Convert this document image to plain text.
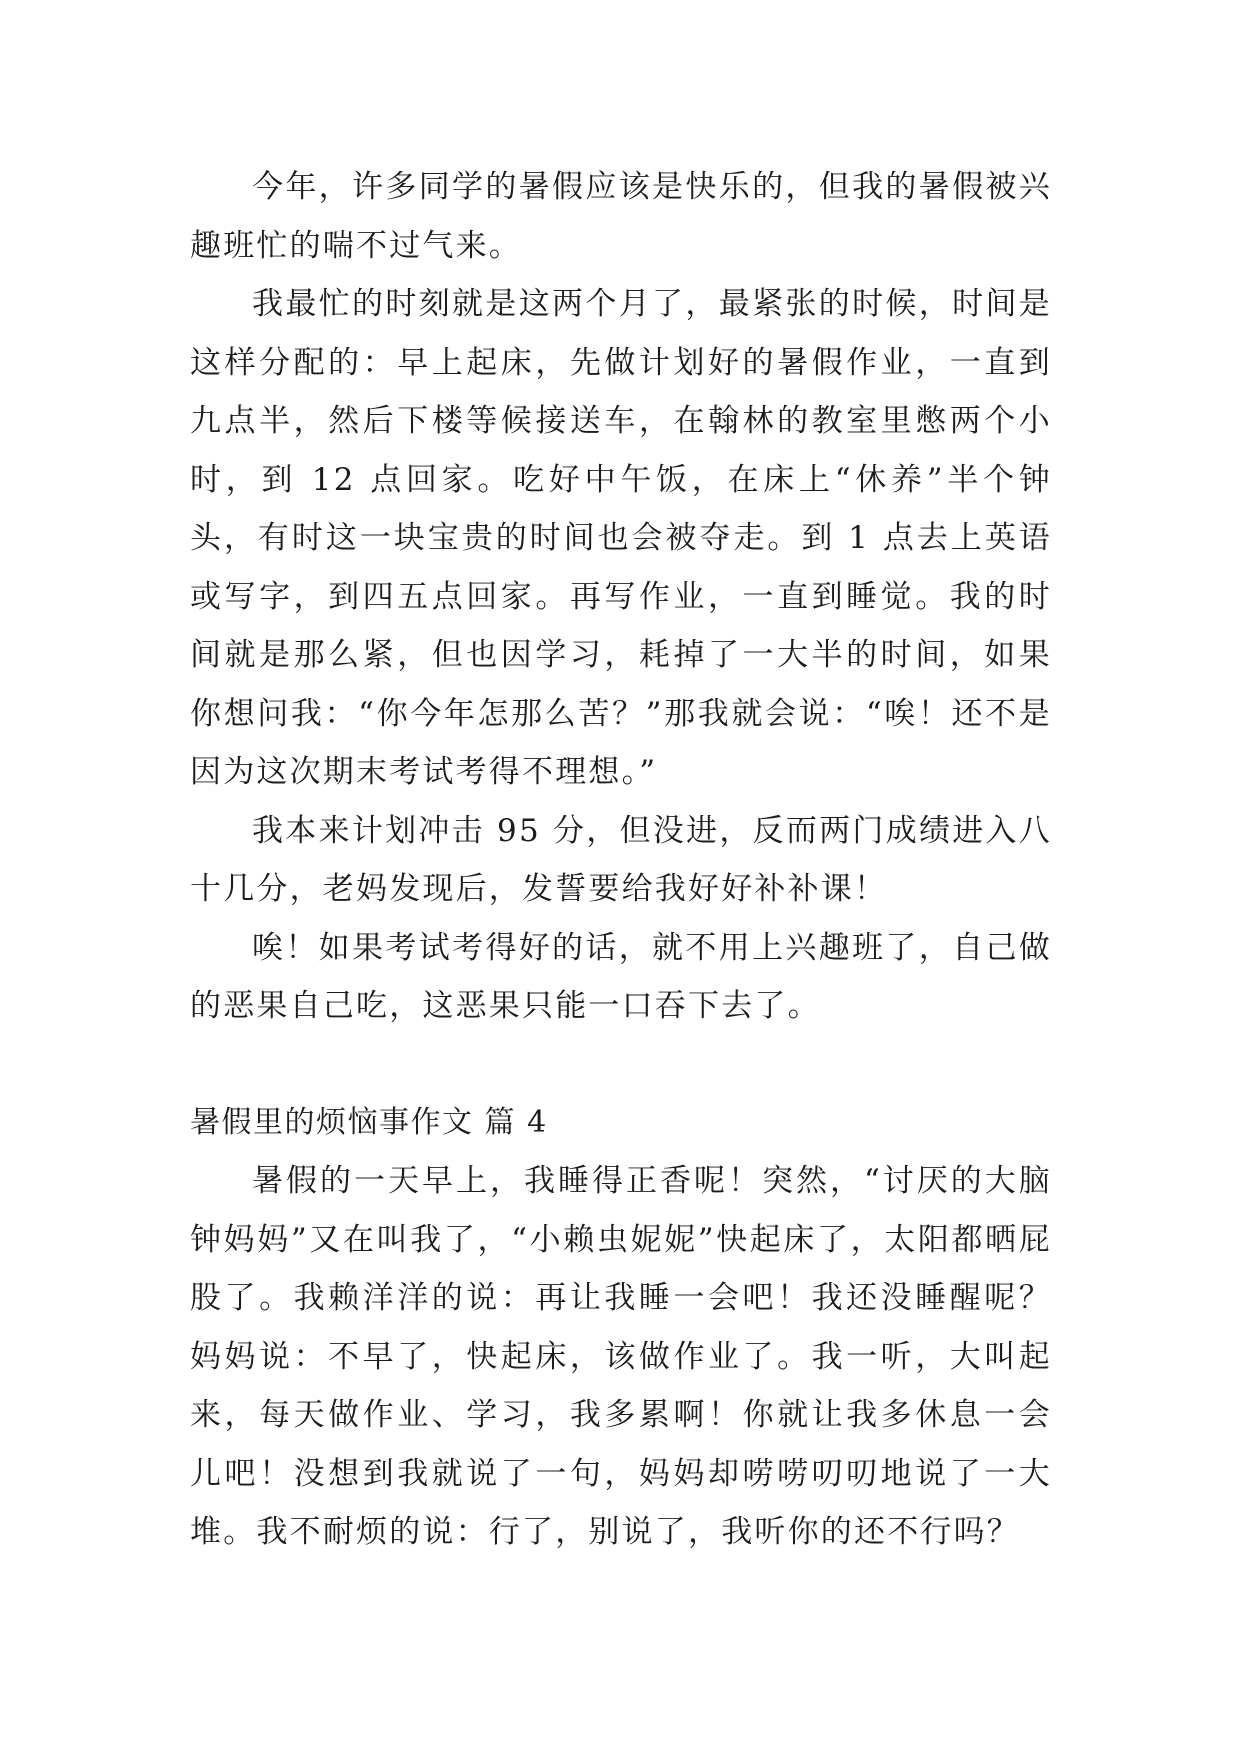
今年，许多同学的暑假应该是快乐的，但我的暑假被兴趣班忙的喘不过气来。

我最忙的时刻就是这两个月了，最紧张的时候，时间是这样分配的：早上起床，先做计划好的暑假作业，一直到九点半，然后下楼等候接送车，在翰林的教室里憋两个小时，到 12 点回家。吃好中午饭，在床上“休养”半个钟头，有时这一块宝贵的时间也会被夺走。到 1 点去上英语或写字，到四五点回家。再写作业，一直到睡觉。我的时间就是那么紧，但也因学习，耗掉了一大半的时间，如果你想问我：“你今年怎那么苦？”那我就会说：“唉！还不是因为这次期末考试考得不理想。”

我本来计划冲击 95 分，但没进，反而两门成绩进入八十几分，老妈发现后，发誓要给我好好补补课！

唉！如果考试考得好的话，就不用上兴趣班了，自己做的恶果自己吃，这恶果只能一口吞下去了。

暑假里的烦恼事作文 篇 4

暑假的一天早上，我睡得正香呢！突然，“讨厌的大脑钟妈妈”又在叫我了，“小赖虫妮妮”快起床了，太阳都晒屁股了。我赖洋洋的说：再让我睡一会吧！我还没睡醒呢？妈妈说：不早了，快起床，该做作业了。我一听，大叫起来，每天做作业、学习，我多累啊！你就让我多休息一会儿吧！没想到我就说了一句，妈妈却唠唠叨叨地说了一大堆。我不耐烦的说：行了，别说了，我听你的还不行吗？
